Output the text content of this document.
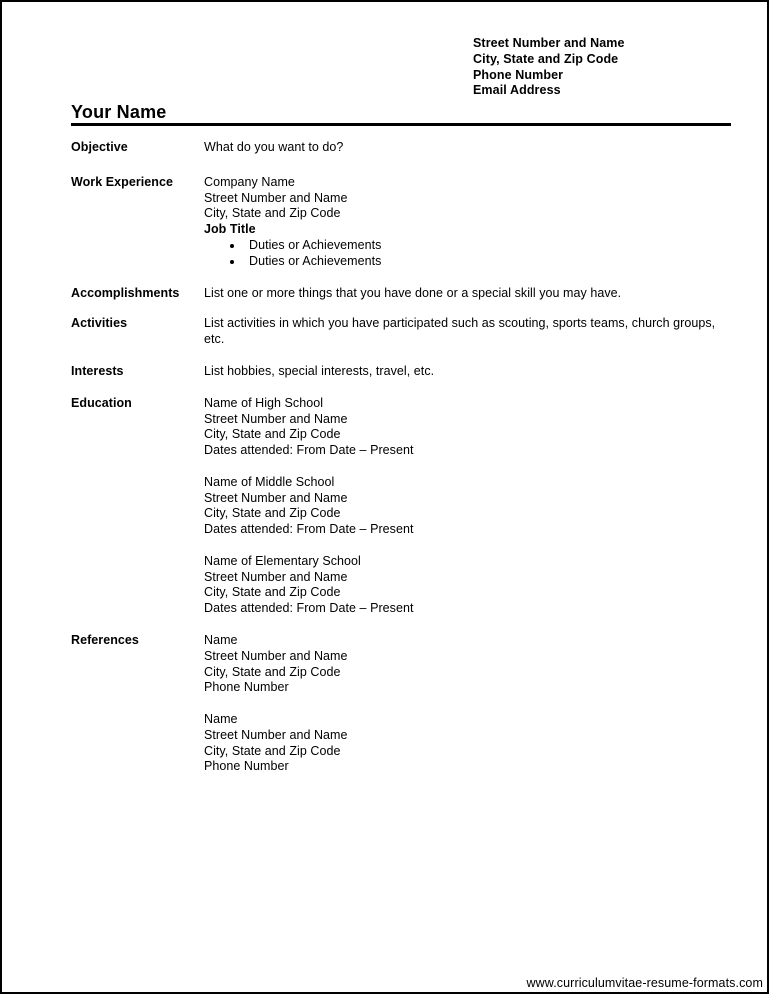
Street Number and Name
City, State and Zip Code
Phone Number
Email Address
Your Name
Objective	What do you want to do?
Work Experience	Company Name
Street Number and Name
City, State and Zip Code
Job Title
Duties or Achievements
Duties or Achievements
Accomplishments	List one or more things that you have done or a special skill you may have.
Activities	List activities in which you have participated such as scouting, sports teams, church groups, etc.
Interests	List hobbies, special interests, travel, etc.
Education	Name of High School
Street Number and Name
City, State and Zip Code
Dates attended: From Date – Present
Name of Middle School
Street Number and Name
City, State and Zip Code
Dates attended: From Date – Present
Name of Elementary School
Street Number and Name
City, State and Zip Code
Dates attended: From Date – Present
References	Name
Street Number and Name
City, State and Zip Code
Phone Number
Name
Street Number and Name
City, State and Zip Code
Phone Number
www.curriculumvitae-resume-formats.com
